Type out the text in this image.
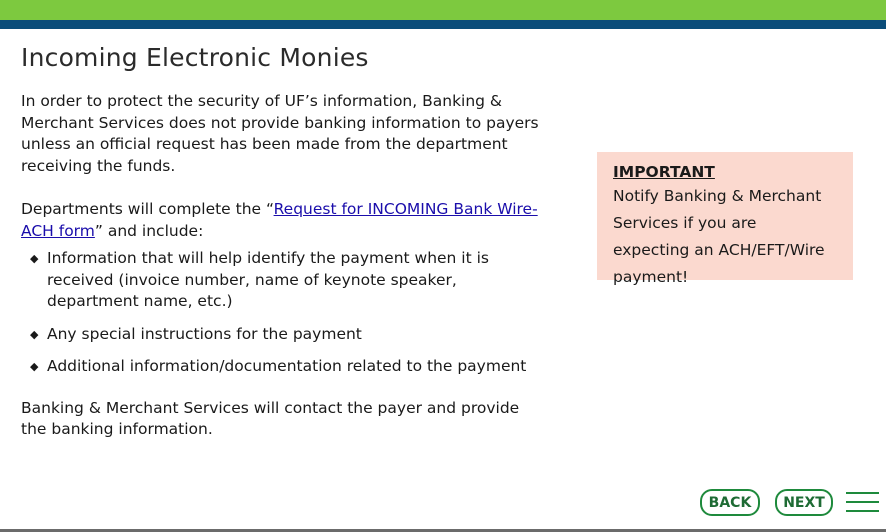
Incoming Electronic Monies

In order to protect the security of UF’s information, Banking & Merchant Services does not provide banking information to payers unless an official request has been made from the department receiving the funds.

Departments will complete the “Request for INCOMING Bank Wire-ACH form” and include:

◆ Information that will help identify the payment when it is received (invoice number, name of keynote speaker, department name, etc.)
◆ Any special instructions for the payment
◆ Additional information/documentation related to the payment

Banking & Merchant Services will contact the payer and provide the banking information.

IMPORTANT
Notify Banking & Merchant Services if you are expecting an ACH/EFT/Wire payment!
BACK	NEXT
